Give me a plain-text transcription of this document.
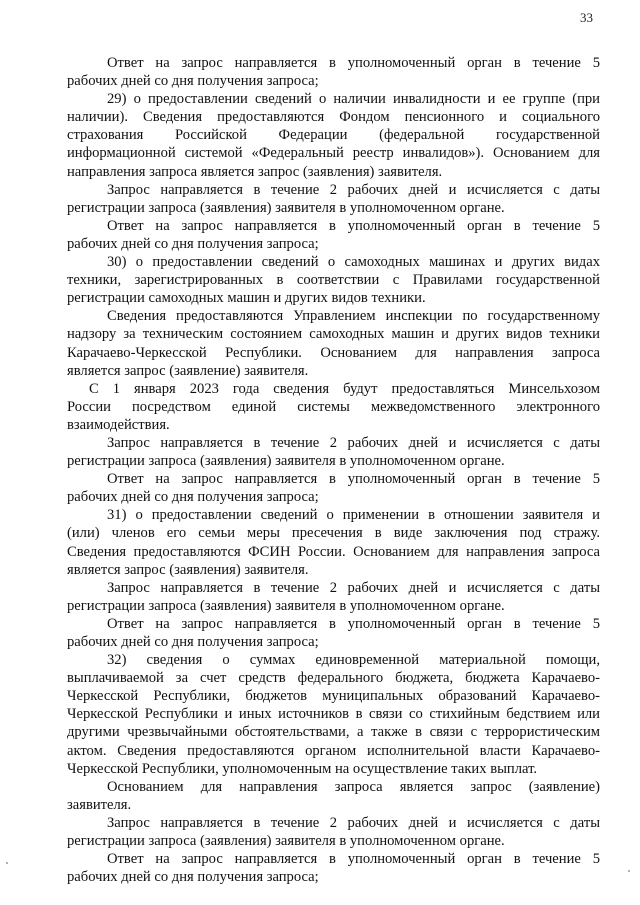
33
Ответ на запрос направляется в уполномоченный орган в течение 5
рабочих дней со дня получения запроса;
29) о предоставлении сведений о наличии инвалидности и ее группе (при
наличии). Сведения предоставляются Фондом пенсионного и социального
страхования Российской Федерации (федеральной государственной
информационной системой «Федеральный реестр инвалидов»). Основанием для
направления запроса является запрос (заявления) заявителя.
Запрос направляется в течение 2 рабочих дней и исчисляется с даты
регистрации запроса (заявления) заявителя в уполномоченном органе.
Ответ на запрос направляется в уполномоченный орган в течение 5
рабочих дней со дня получения запроса;
30) о предоставлении сведений о самоходных машинах и других видах
техники, зарегистрированных в соответствии с Правилами государственной
регистрации самоходных машин и других видов техники.
Сведения предоставляются Управлением инспекции по государственному
надзору за техническим состоянием самоходных машин и других видов техники
Карачаево-Черкесской Республики. Основанием для направления запроса
является запрос (заявление) заявителя.
С 1 января 2023 года сведения будут предоставляться Минсельхозом
России посредством единой системы межведомственного электронного
взаимодействия.
Запрос направляется в течение 2 рабочих дней и исчисляется с даты
регистрации запроса (заявления) заявителя в уполномоченном органе.
Ответ на запрос направляется в уполномоченный орган в течение 5
рабочих дней со дня получения запроса;
31) о предоставлении сведений о применении в отношении заявителя и
(или) членов его семьи меры пресечения в виде заключения под стражу.
Сведения предоставляются ФСИН России. Основанием для направления запроса
является запрос (заявления) заявителя.
Запрос направляется в течение 2 рабочих дней и исчисляется с даты
регистрации запроса (заявления) заявителя в уполномоченном органе.
Ответ на запрос направляется в уполномоченный орган в течение 5
рабочих дней со дня получения запроса;
32) сведения о суммах единовременной материальной помощи,
выплачиваемой за счет средств федерального бюджета, бюджета Карачаево-
Черкесской Республики, бюджетов муниципальных образований Карачаево-
Черкесской Республики и иных источников в связи со стихийным бедствием или
другими чрезвычайными обстоятельствами, а также в связи с террористическим
актом. Сведения предоставляются органом исполнительной власти Карачаево-
Черкесской Республики, уполномоченным на осуществление таких выплат.
Основанием для направления запроса является запрос (заявление)
заявителя.
Запрос направляется в течение 2 рабочих дней и исчисляется с даты
регистрации запроса (заявления) заявителя в уполномоченном органе.
Ответ на запрос направляется в уполномоченный орган в течение 5
рабочих дней со дня получения запроса;
